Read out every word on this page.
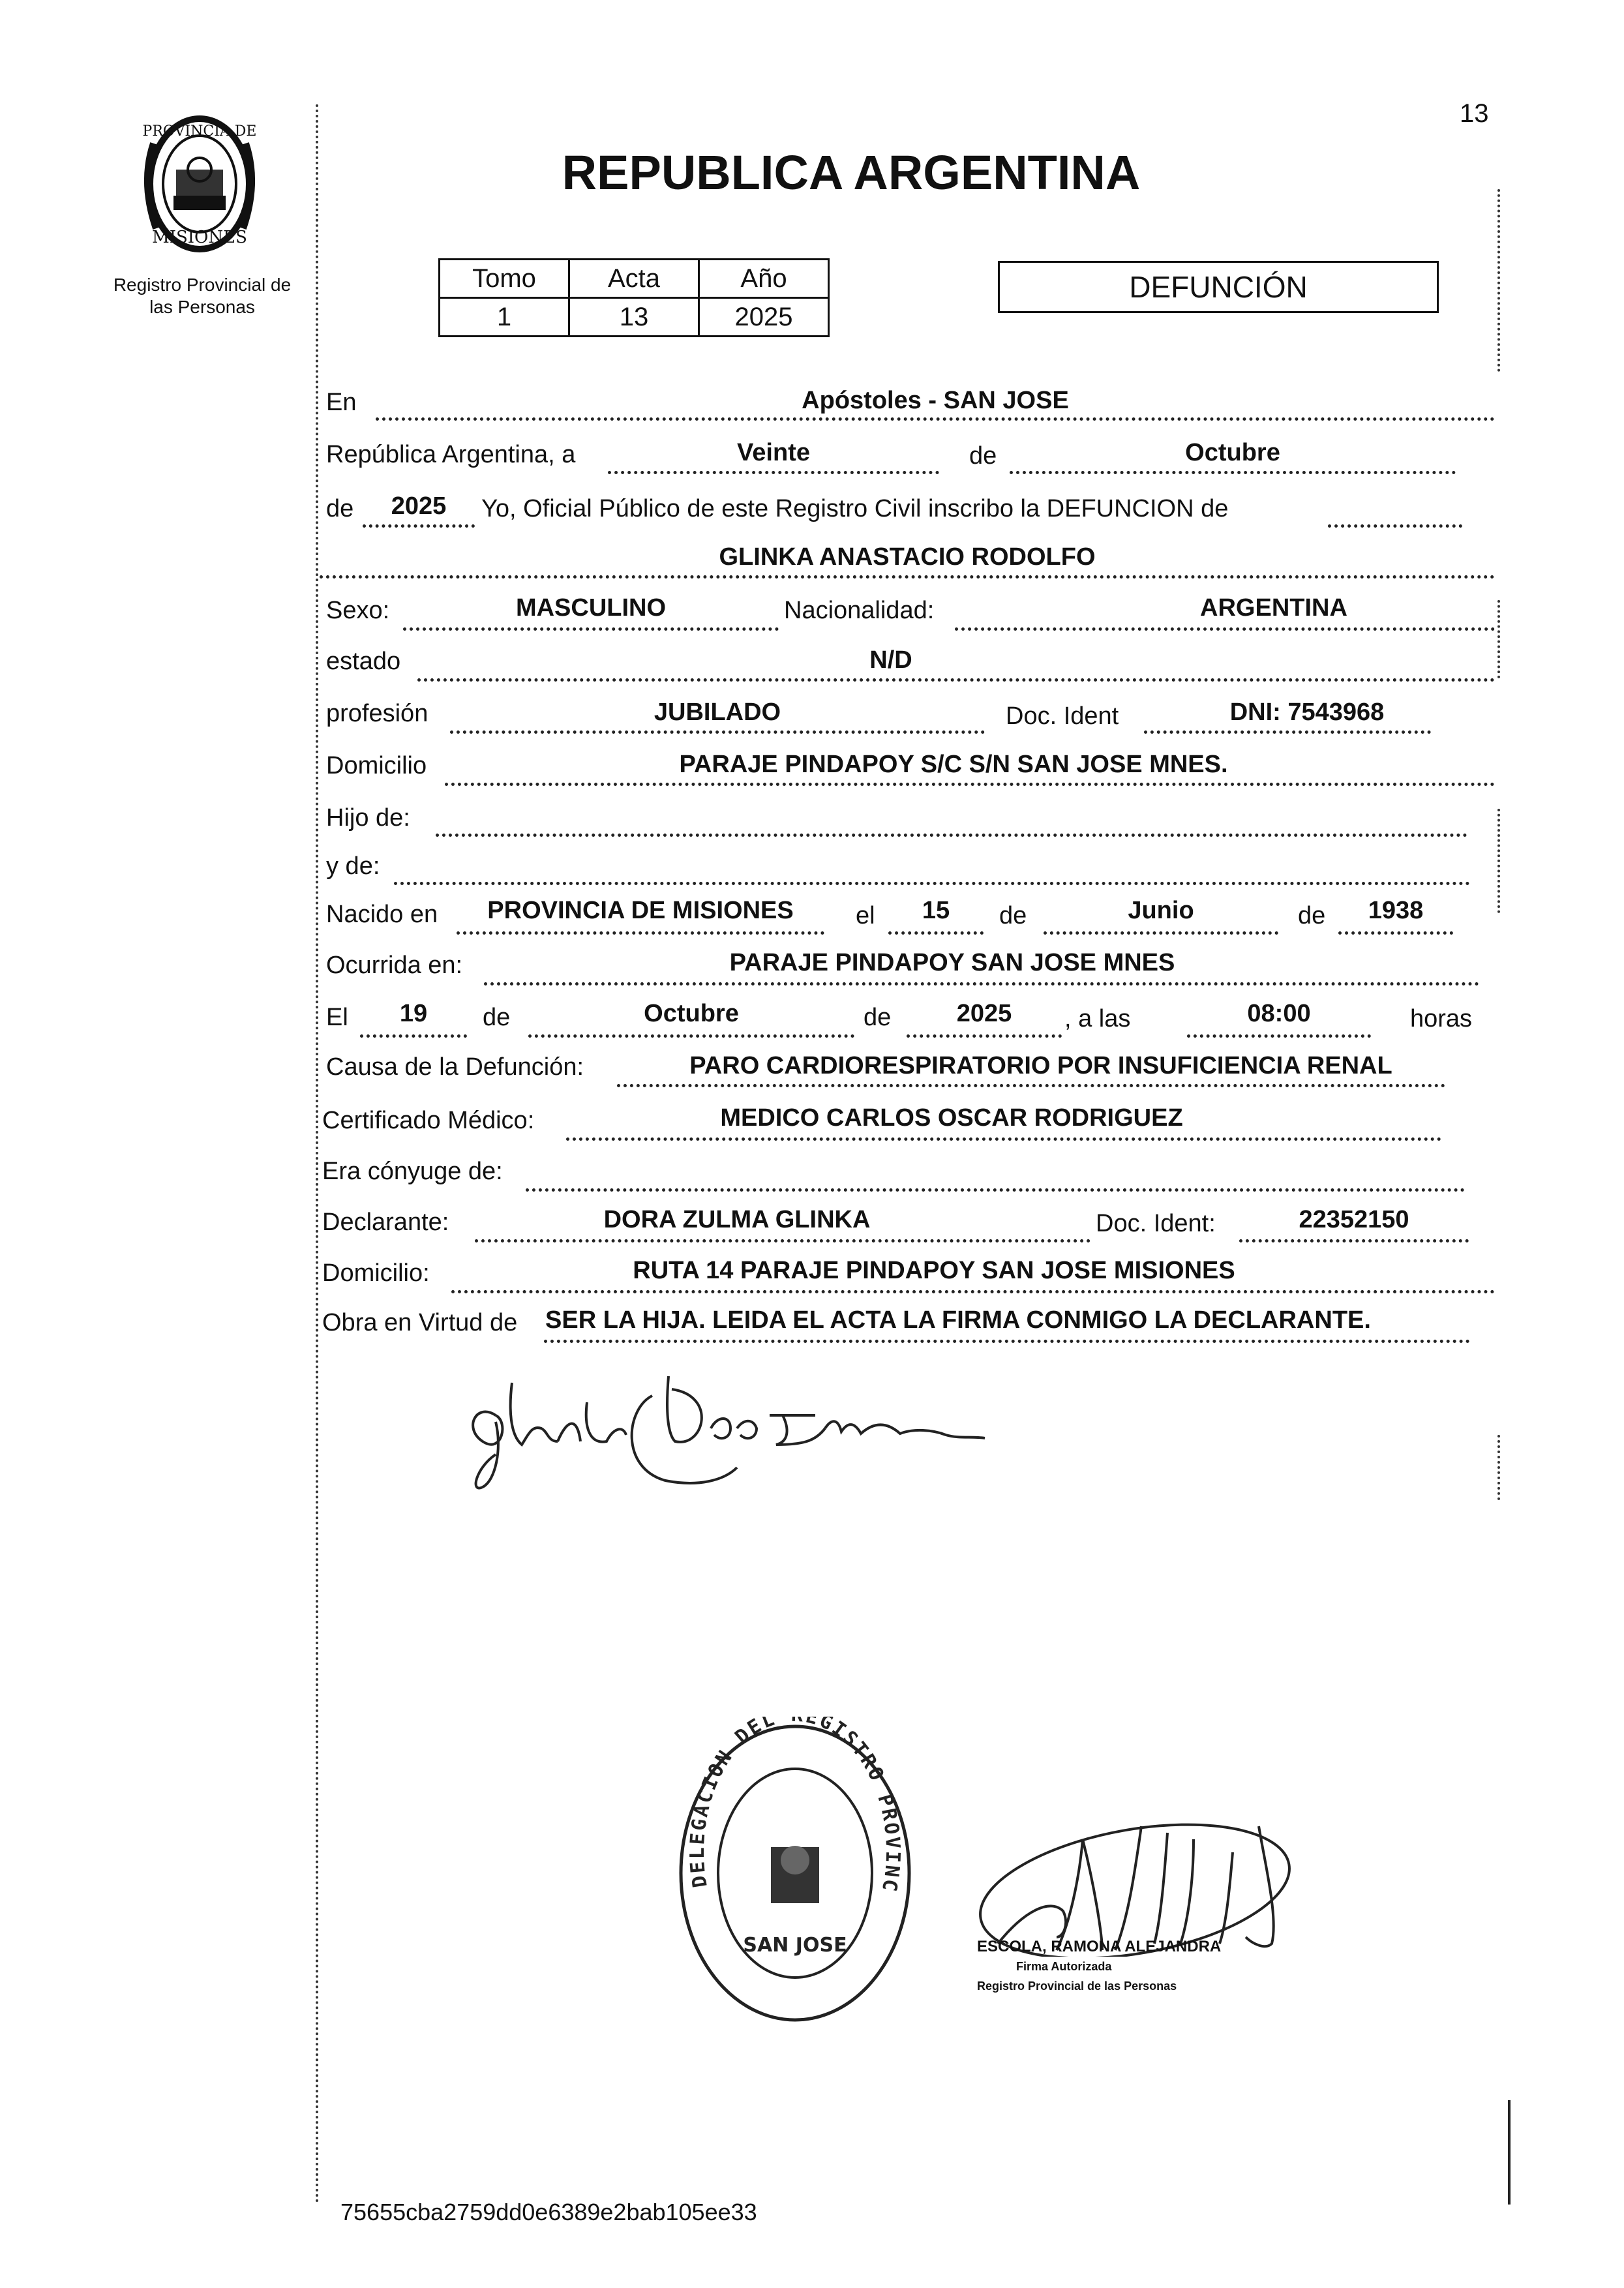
13
PROVINCIA DE
MISIONES
Registro Provincial de
las Personas
REPUBLICA ARGENTINA
Tomo	Acta	Año
1	13	2025
DEFUNCIÓN
En	Apóstoles - SAN JOSE
República Argentina, a	Veinte	de	Octubre
de	2025	Yo, Oficial Público de este Registro Civil inscribo la DEFUNCION de
GLINKA ANASTACIO RODOLFO
Sexo:	MASCULINO	Nacionalidad:	ARGENTINA
estado	N/D
profesión	JUBILADO	Doc. Ident	DNI: 7543968
Domicilio	PARAJE PINDAPOY S/C S/N SAN JOSE MNES.
Hijo de:
y de:
Nacido en	PROVINCIA DE MISIONES	el	15	de	Junio	de	1938
Ocurrida en:	PARAJE PINDAPOY SAN JOSE MNES
El	19	de	Octubre	de	2025	, a las	08:00	horas
Causa de la Defunción:	PARO CARDIORESPIRATORIO POR INSUFICIENCIA RENAL
Certificado Médico:	MEDICO CARLOS OSCAR RODRIGUEZ
Era cónyuge de:
Declarante:	DORA ZULMA GLINKA	Doc. Ident:	22352150
Domicilio:	RUTA 14 PARAJE PINDAPOY SAN JOSE MISIONES
Obra en Virtud de SER LA HIJA. LEIDA EL ACTA LA FIRMA CONMIGO LA DECLARANTE.
DELEGACION DEL EGISTRO PROVINC
SAN JOSE	ESCOLA, RAMONA ALEJANDRA
Firma Autorizada
Registro Provincial de las Personas
75655cba2759dd0e6389e2bab105ee33
